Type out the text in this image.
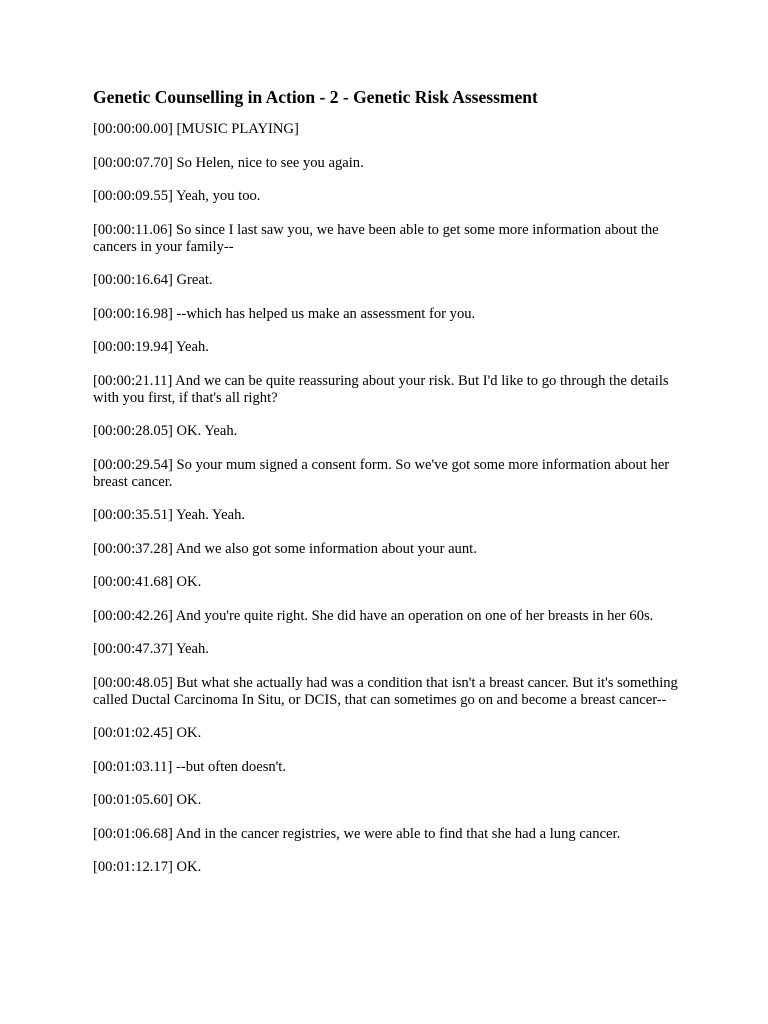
Genetic Counselling in Action - 2 - Genetic Risk Assessment
[00:00:00.00] [MUSIC PLAYING]
[00:00:07.70] So Helen, nice to see you again.
[00:00:09.55] Yeah, you too.
[00:00:11.06] So since I last saw you, we have been able to get some more information about the cancers in your family--
[00:00:16.64] Great.
[00:00:16.98] --which has helped us make an assessment for you.
[00:00:19.94] Yeah.
[00:00:21.11] And we can be quite reassuring about your risk. But I'd like to go through the details with you first, if that's all right?
[00:00:28.05] OK. Yeah.
[00:00:29.54] So your mum signed a consent form. So we've got some more information about her breast cancer.
[00:00:35.51] Yeah. Yeah.
[00:00:37.28] And we also got some information about your aunt.
[00:00:41.68] OK.
[00:00:42.26] And you're quite right. She did have an operation on one of her breasts in her 60s.
[00:00:47.37] Yeah.
[00:00:48.05] But what she actually had was a condition that isn't a breast cancer. But it's something called Ductal Carcinoma In Situ, or DCIS, that can sometimes go on and become a breast cancer--
[00:01:02.45] OK.
[00:01:03.11] --but often doesn't.
[00:01:05.60] OK.
[00:01:06.68] And in the cancer registries, we were able to find that she had a lung cancer.
[00:01:12.17] OK.
